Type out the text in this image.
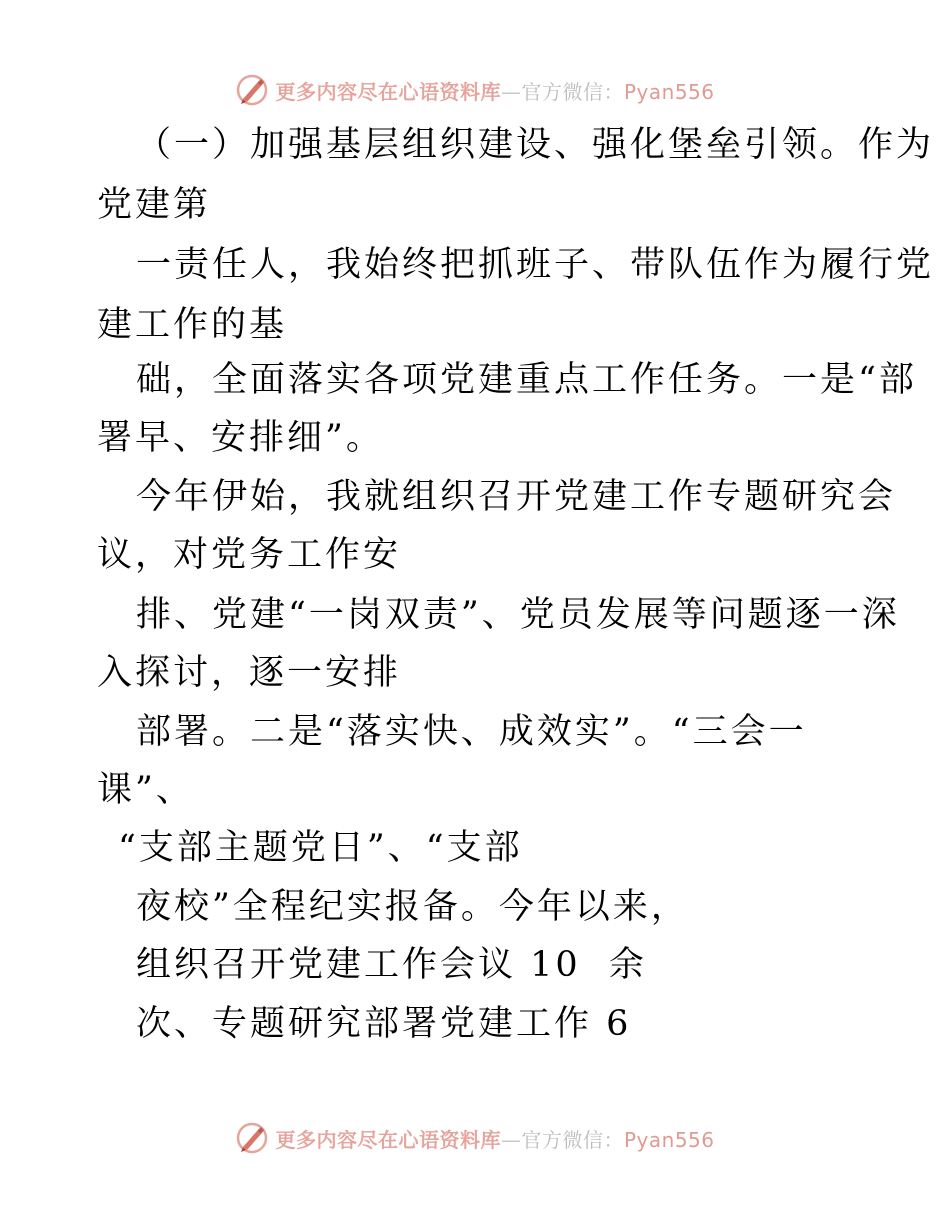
更多内容尽在心语资料库—官方微信：Pyan556
（一）加强基层组织建设、强化堡垒引领。作为
党建第
一责任人，我始终把抓班子、带队伍作为履行党
建工作的基
础，全面落实各项党建重点工作任务。一是“部
署早、安排细”。
今年伊始，我就组织召开党建工作专题研究会
议，对党务工作安
排、党建“一岗双责”、党员发展等问题逐一深
入探讨，逐一安排
部署。二是“落实快、成效实”。“三会一
课”、
“支部主题党日”、“支部
夜校”全程纪实报备。今年以来，
组织召开党建工作会议 10  余
次、专题研究部署党建工作 6
更多内容尽在心语资料库—官方微信：Pyan556
